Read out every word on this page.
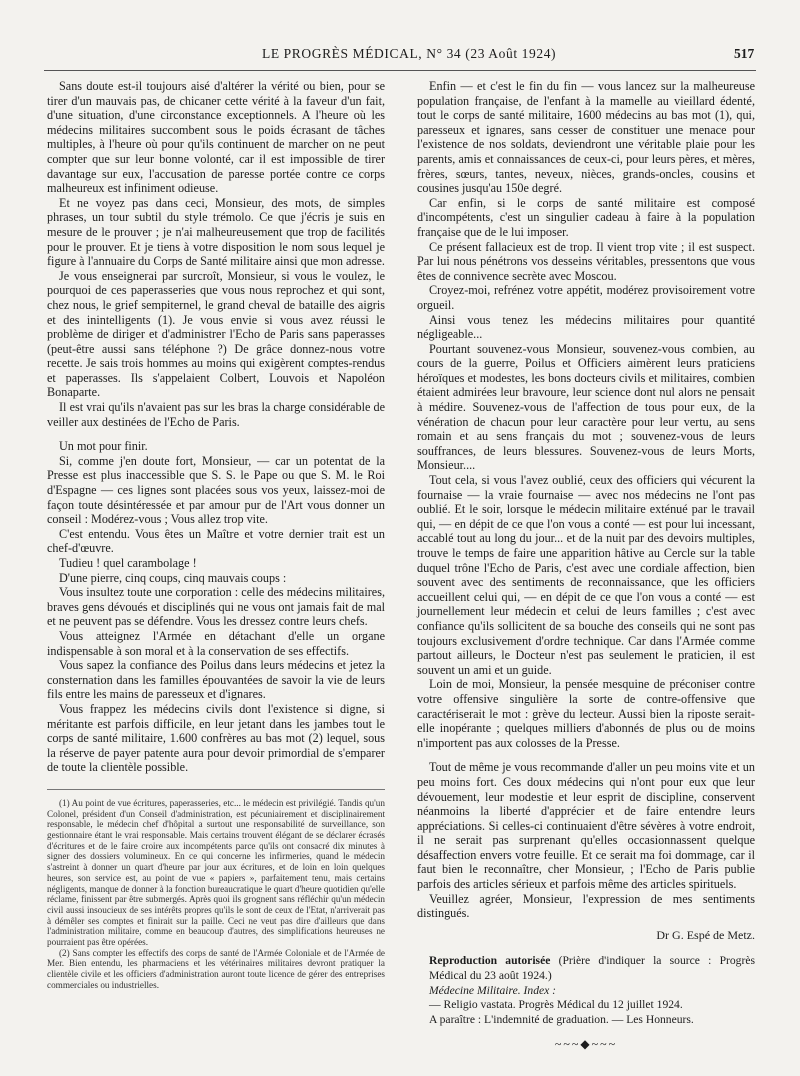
LE PROGRÈS MÉDICAL, N° 34 (23 Août 1924)	517

Sans doute est-il toujours aisé d'altérer la vérité ou bien, pour se tirer d'un mauvais pas, de chicaner cette vérité à la faveur d'un fait, d'une situation, d'une circonstance exceptionnels. A l'heure où les médecins militaires succombent sous le poids écrasant de tâches multiples, à l'heure où pour qu'ils continuent de marcher on ne peut compter que sur leur bonne volonté, car il est impossible de tirer davantage sur eux, l'accusation de paresse portée contre ce corps malheureux est infiniment odieuse.

Et ne voyez pas dans ceci, Monsieur, des mots, de simples phrases, un tour subtil du style trémolo. Ce que j'écris je suis en mesure de le prouver ; je n'ai malheureusement que trop de facilités pour le prouver. Et je tiens à votre disposition le nom sous lequel je figure à l'annuaire du Corps de Santé militaire ainsi que mon adresse.

Je vous enseignerai par surcroît, Monsieur, si vous le voulez, le pourquoi de ces paperasseries que vous nous reprochez et qui sont, chez nous, le grief sempiternel, le grand cheval de bataille des aigris et des inintelligents (1). Je vous envie si vous avez réussi le problème de diriger et d'administrer l'Echo de Paris sans paperasses (peut-être aussi sans téléphone ?) De grâce donnez-nous votre recette. Je sais trois hommes au moins qui exigèrent comptes-rendus et paperasses. Ils s'appelaient Colbert, Louvois et Napoléon Bonaparte.

Il est vrai qu'ils n'avaient pas sur les bras la charge considérable de veiller aux destinées de l'Echo de Paris.

Un mot pour finir.

Si, comme j'en doute fort, Monsieur, — car un potentat de la Presse est plus inaccessible que S. S. le Pape ou que S. M. le Roi d'Espagne — ces lignes sont placées sous vos yeux, laissez-moi de façon toute désintéressée et par amour pur de l'Art vous donner un conseil : Modérez-vous ; Vous allez trop vite.

C'est entendu. Vous êtes un Maître et votre dernier trait est un chef-d'œuvre.

Tudieu ! quel carambolage !

D'une pierre, cinq coups, cinq mauvais coups :

Vous insultez toute une corporation : celle des médecins militaires, braves gens dévoués et disciplinés qui ne vous ont jamais fait de mal et ne peuvent pas se défendre. Vous les dressez contre leurs chefs.

Vous atteignez l'Armée en détachant d'elle un organe indispensable à son moral et à la conservation de ses effectifs.

Vous sapez la confiance des Poilus dans leurs médecins et jetez la consternation dans les familles épouvantées de savoir la vie de leurs fils entre les mains de paresseux et d'ignares.

Vous frappez les médecins civils dont l'existence si digne, si méritante est parfois difficile, en leur jetant dans les jambes tout le corps de santé militaire, 1.600 confrères au bas mot (2) lequel, sous la réserve de payer patente aura pour devoir primordial de s'emparer de toute la clientèle possible.

(1) Au point de vue écritures, paperasseries, etc... le médecin est privilégié. Tandis qu'un Colonel, président d'un Conseil d'administration, est pécuniairement et disciplinairement responsable, le médecin chef d'hôpital a surtout une responsabilité de surveillance, son gestionnaire étant le vrai responsable. Mais certains trouvent élégant de se déclarer écrasés d'écritures et de le faire croire aux incompétents parce qu'ils ont consacré dix minutes à signer des dossiers volumineux. En ce qui concerne les infirmeries, quand le médecin s'astreint à donner un quart d'heure par jour aux écritures, et de loin en loin quelques heures, son service est, au point de vue « papiers », parfaitement tenu, mais certains négligents, manque de donner à la fonction bureaucratique le quart d'heure quotidien qu'elle réclame, finissent par être submergés. Après quoi ils grognent sans réfléchir qu'un médecin civil aussi insoucieux de ses intérêts propres qu'ils le sont de ceux de l'Etat, n'arriverait pas à démêler ses comptes et finirait sur la paille. Ceci ne veut pas dire d'ailleurs que dans l'administration militaire, comme en beaucoup d'autres, des simplifications heureuses ne pourraient pas être opérées.

(2) Sans compter les effectifs des corps de santé de l'Armée Coloniale et de l'Armée de Mer. Bien entendu, les pharmaciens et les vétérinaires militaires devront pratiquer la clientèle civile et les officiers d'administration auront toute licence de gérer des entreprises commerciales ou industrielles.

Enfin — et c'est le fin du fin — vous lancez sur la malheureuse population française, de l'enfant à la mamelle au vieillard édenté, tout le corps de santé militaire, 1600 médecins au bas mot (1), qui, paresseux et ignares, sans cesser de constituer une menace pour l'existence de nos soldats, deviendront une véritable plaie pour les parents, amis et connaissances de ceux-ci, pour leurs pères, et mères, frères, sœurs, tantes, neveux, nièces, grands-oncles, cousins et cousines jusqu'au 150e degré.

Car enfin, si le corps de santé militaire est composé d'incompétents, c'est un singulier cadeau à faire à la population française que de le lui imposer.

Ce présent fallacieux est de trop. Il vient trop vite ; il est suspect. Par lui nous pénétrons vos desseins véritables, pressentons que vous êtes de connivence secrète avec Moscou.

Croyez-moi, refrénez votre appétit, modérez provisoirement votre orgueil.

Ainsi vous tenez les médecins militaires pour quantité négligeable...

Pourtant souvenez-vous Monsieur, souvenez-vous combien, au cours de la guerre, Poilus et Officiers aimèrent leurs praticiens héroïques et modestes, les bons docteurs civils et militaires, combien étaient admirées leur bravoure, leur science dont nul alors ne pensait à médire. Souvenez-vous de l'affection de tous pour eux, de la vénération de chacun pour leur caractère pour leur vertu, au sens romain et au sens français du mot ; souvenez-vous de leurs souffrances, de leurs blessures. Souvenez-vous de leurs Morts, Monsieur....

Tout cela, si vous l'avez oublié, ceux des officiers qui vécurent la fournaise — la vraie fournaise — avec nos médecins ne l'ont pas oublié. Et le soir, lorsque le médecin militaire exténué par le travail qui, — en dépit de ce que l'on vous a conté — est pour lui incessant, accablé tout au long du jour... et de la nuit par des devoirs multiples, trouve le temps de faire une apparition hâtive au Cercle sur la table duquel trône l'Echo de Paris, c'est avec une cordiale affection, bien souvent avec des sentiments de reconnaissance, que les officiers accueillent celui qui, — en dépit de ce que l'on vous a conté — est journellement leur médecin et celui de leurs familles ; c'est avec confiance qu'ils sollicitent de sa bouche des conseils qui ne sont pas toujours exclusivement d'ordre technique. Car dans l'Armée comme partout ailleurs, le Docteur n'est pas seulement le praticien, il est souvent un ami et un guide.

Loin de moi, Monsieur, la pensée mesquine de préconiser contre votre offensive singulière la sorte de contre-offensive que caractériserait le mot : grève du lecteur. Aussi bien la riposte serait-elle inopérante ; quelques milliers d'abonnés de plus ou de moins n'importent pas aux colosses de la Presse.

Tout de même je vous recommande d'aller un peu moins vite et un peu moins fort. Ces doux médecins qui n'ont pour eux que leur dévouement, leur modestie et leur esprit de discipline, conservent néanmoins la liberté d'apprécier et de faire entendre leurs appréciations. Si celles-ci continuaient d'être sévères à votre endroit, il ne serait pas surprenant qu'elles occasionnassent quelque désaffection envers votre feuille. Et ce serait ma foi dommage, car il faut bien le reconnaître, cher Monsieur, ; l'Echo de Paris publie parfois des articles sérieux et parfois même des articles spirituels.

Veuillez agréer, Monsieur, l'expression de mes sentiments distingués.

Dr G. Espé de Metz.

Reproduction autorisée (Prière d'indiquer la source : Progrès Médical du 23 août 1924.)

Médecine Militaire. Index :

— Religio vastata. Progrès Médical du 12 juillet 1924.

A paraître : L'indemnité de graduation. — Les Honneurs.

~~~◆~~~
